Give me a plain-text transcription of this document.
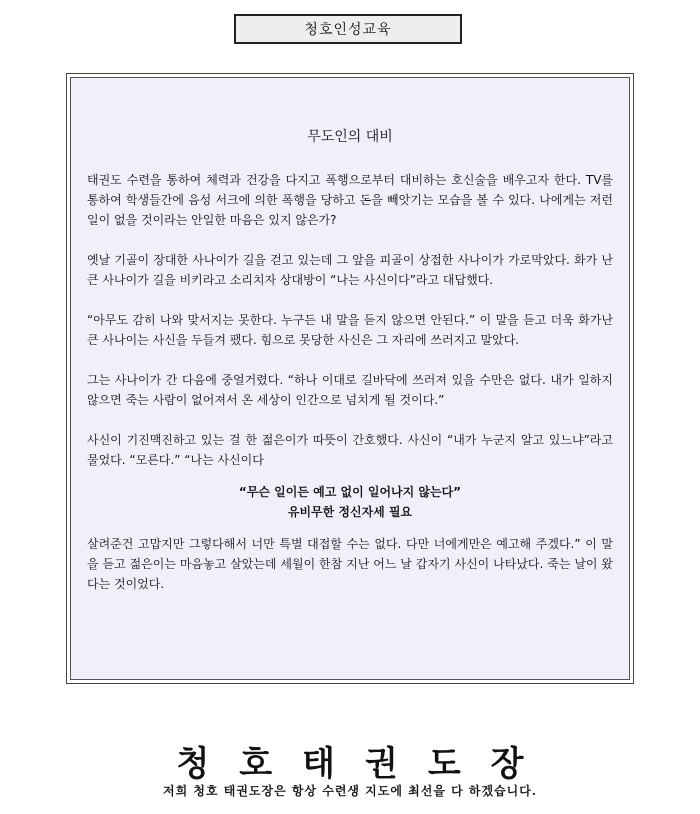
청호인성교육
무도인의 대비

태권도 수련을 통하여 체력과 건강을 다지고 폭행으로부터 대비하는 호신술을 배우고자 한다. TV를 통하여 학생들간에 음성 서크에 의한 폭행을 당하고 돈을 빼앗기는 모습을 볼 수 있다. 나에게는 저런 일이 없을 것이라는 안일한 마음은 있지 않은가?

옛날 기골이 장대한 사나이가 길을 걷고 있는데 그 앞을 피골이 상접한 사나이가 가로막았다. 화가 난 큰 사나이가 길을 비키라고 소리치자 상대방이 “나는 사신이다”라고 대답했다.

“아무도 감히 나와 맞서지는 못한다. 누구든 내 말을 듣지 않으면 안된다.” 이 말을 듣고 더욱 화가난 큰 사나이는 사신을 두들겨 팼다. 힘으로 못당한 사신은 그 자리에 쓰러지고 말았다.

그는 사나이가 간 다음에 중얼거렸다. “하나 이대로 길바닥에 쓰러져 있을 수만은 없다. 내가 일하지 않으면 죽는 사람이 없어져서 온 세상이 인간으로 넘치게 될 것이다.”

사신이 기진맥진하고 있는 걸 한 젊은이가 따뜻이 간호했다. 사신이 “내가 누군지 알고 있느냐”라고 물었다. “모른다.” “나는 사신이다

“무슨 일이든 예고 없이 일어나지 않는다”
유비무한 정신자세 필요

살려준건 고맙지만 그렇다해서 너만 특별 대접할 수는 없다. 다만 너에게만은 예고해 주겠다.” 이 말을 듣고 젊은이는 마음놓고 살았는데 세월이 한참 지난 어느 날 갑자기 사신이 나타났다. 죽는 날이 왔다는 것이었다.

청호태권도장
저희 청호 태권도장은 항상 수련생 지도에 최선을 다 하겠습니다.
